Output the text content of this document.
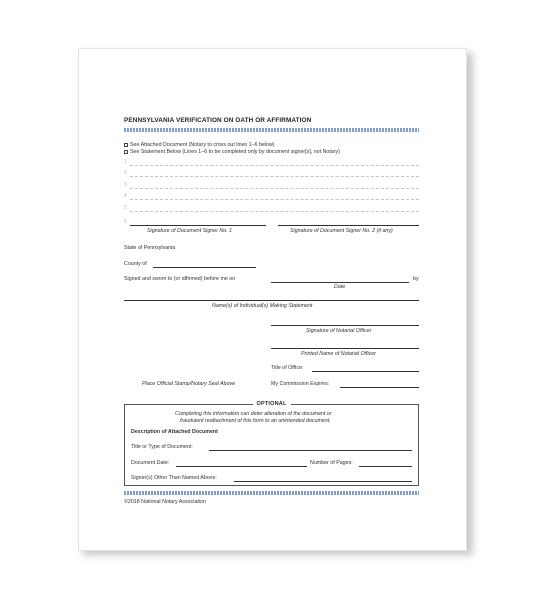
PENNSYLVANIA VERIFICATION ON OATH OR AFFIRMATION
See Attached Document (Notary to cross out lines 1–6 below)
See Statement Below (Lines 1–6 to be completed only by document signer[s], not Notary)
1
2
3
4
5
6
Signature of Document Signer No. 1	Signature of Document Signer No. 2 (if any)
State of Pennsylvania
County of
Signed and sworn to (or affirmed) before me on	by
Date
Name(s) of Individual(s) Making Statement
Signature of Notarial Officer
Printed Name of Notarial Officer
Title of Office:
Place Official Stamp/Notary Seal Above	My Commission Expires:
OPTIONAL
Completing this information can deter alteration of the document or
fraudulent reattachment of this form to an unintended document.
Description of Attached Document
Title or Type of Document:
Document Date:	Number of Pages:
Signer(s) Other Than Named Above:
©2018 National Notary Association
